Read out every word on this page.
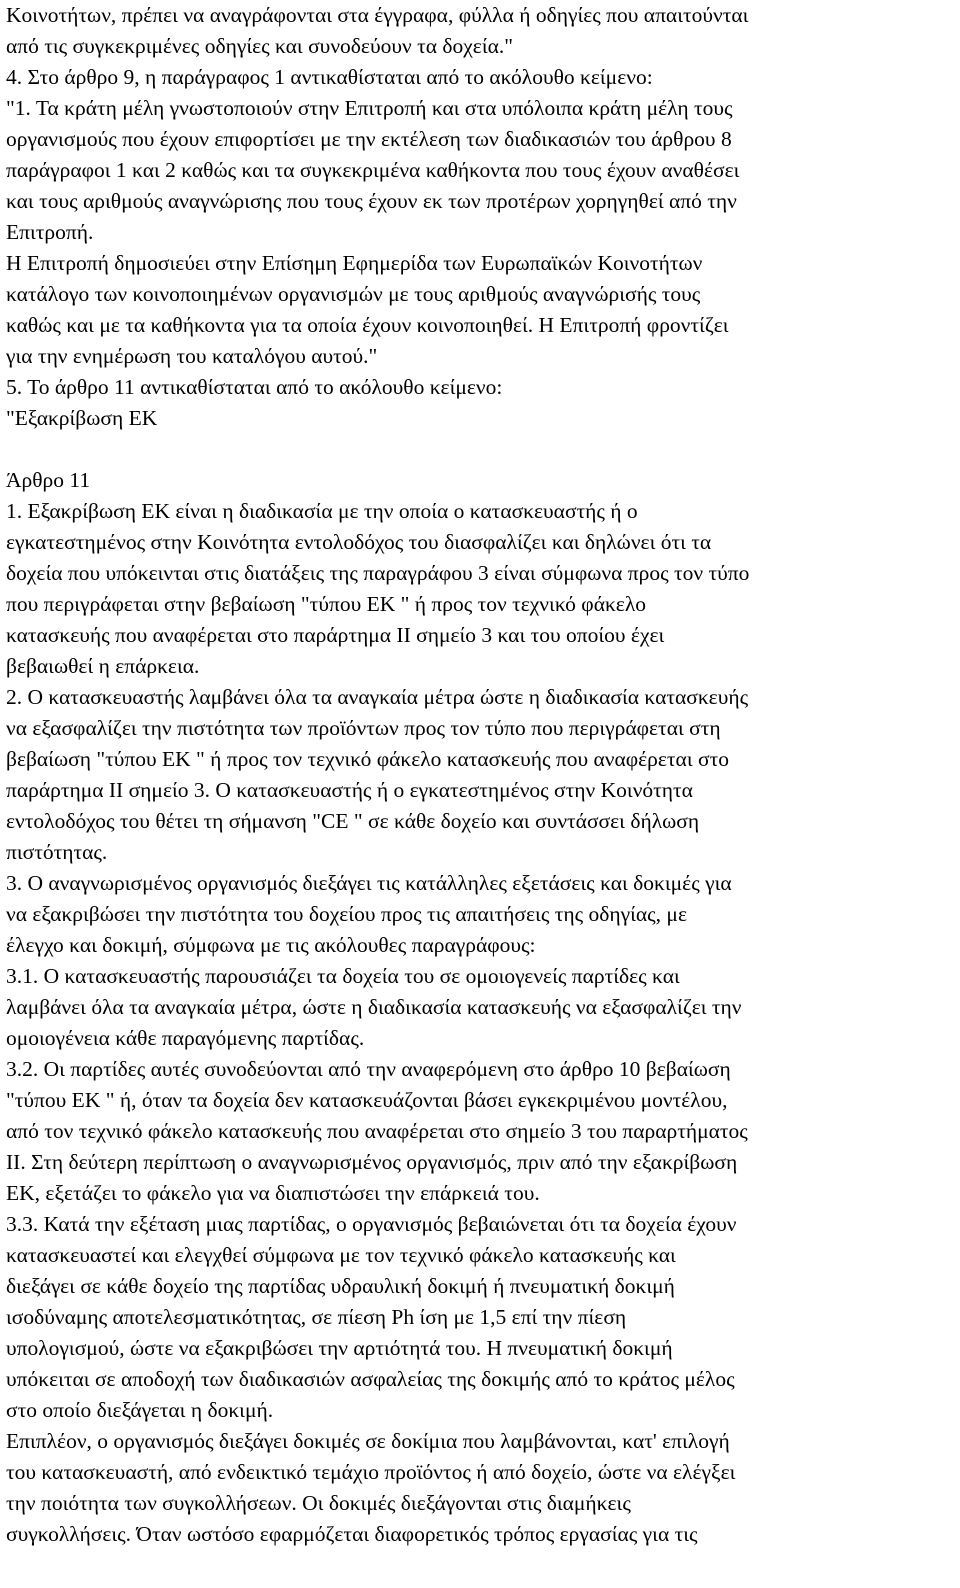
Κοινοτήτων, πρέπει να αναγράφονται στα έγγραφα, φύλλα ή οδηγίες που απαιτούνται

από τις συγκεκριμένες οδηγίες και συνοδεύουν τα δοχεία."

4. Στο άρθρο 9, η παράγραφος 1 αντικαθίσταται από το ακόλουθο κείμενο:

"1. Τα κράτη μέλη γνωστοποιούν στην Επιτροπή και στα υπόλοιπα κράτη μέλη τους

οργανισμούς που έχουν επιφορτίσει με την εκτέλεση των διαδικασιών του άρθρου 8

παράγραφοι 1 και 2 καθώς και τα συγκεκριμένα καθήκοντα που τους έχουν αναθέσει

και τους αριθμούς αναγνώρισης που τους έχουν εκ των προτέρων χορηγηθεί από την

Επιτροπή.

Η Επιτροπή δημοσιεύει στην Επίσημη Εφημερίδα των Ευρωπαϊκών Κοινοτήτων

κατάλογο των κοινοποιημένων οργανισμών με τους αριθμούς αναγνώρισής τους

καθώς και με τα καθήκοντα για τα οποία έχουν κοινοποιηθεί. Η Επιτροπή φροντίζει

για την ενημέρωση του καταλόγου αυτού."

5. Το άρθρο 11 αντικαθίσταται από το ακόλουθο κείμενο:

"Εξακρίβωση ΕΚ

Άρθρο 11

1. Εξακρίβωση ΕΚ είναι η διαδικασία με την οποία ο κατασκευαστής ή ο

εγκατεστημένος στην Κοινότητα εντολοδόχος του διασφαλίζει και δηλώνει ότι τα

δοχεία που υπόκεινται στις διατάξεις της παραγράφου 3 είναι σύμφωνα προς τον τύπο

που περιγράφεται στην βεβαίωση "τύπου ΕΚ " ή προς τον τεχνικό φάκελο

κατασκευής που αναφέρεται στο παράρτημα ΙΙ σημείο 3 και του οποίου έχει

βεβαιωθεί η επάρκεια.

2. Ο κατασκευαστής λαμβάνει όλα τα αναγκαία μέτρα ώστε η διαδικασία κατασκευής

να εξασφαλίζει την πιστότητα των προϊόντων προς τον τύπο που περιγράφεται στη

βεβαίωση "τύπου ΕΚ " ή προς τον τεχνικό φάκελο κατασκευής που αναφέρεται στο

παράρτημα ΙΙ σημείο 3. Ο κατασκευαστής ή ο εγκατεστημένος στην Κοινότητα

εντολοδόχος του θέτει τη σήμανση "CE " σε κάθε δοχείο και συντάσσει δήλωση

πιστότητας.

3. Ο αναγνωρισμένος οργανισμός διεξάγει τις κατάλληλες εξετάσεις και δοκιμές για

να εξακριβώσει την πιστότητα του δοχείου προς τις απαιτήσεις της οδηγίας, με

έλεγχο και δοκιμή, σύμφωνα με τις ακόλουθες παραγράφους:

3.1. Ο κατασκευαστής παρουσιάζει τα δοχεία του σε ομοιογενείς παρτίδες και

λαμβάνει όλα τα αναγκαία μέτρα, ώστε η διαδικασία κατασκευής να εξασφαλίζει την

ομοιογένεια κάθε παραγόμενης παρτίδας.

3.2. Οι παρτίδες αυτές συνοδεύονται από την αναφερόμενη στο άρθρο 10 βεβαίωση

"τύπου ΕΚ " ή, όταν τα δοχεία δεν κατασκευάζονται βάσει εγκεκριμένου μοντέλου,

από τον τεχνικό φάκελο κατασκευής που αναφέρεται στο σημείο 3 του παραρτήματος

ΙΙ. Στη δεύτερη περίπτωση ο αναγνωρισμένος οργανισμός, πριν από την εξακρίβωση

ΕΚ, εξετάζει το φάκελο για να διαπιστώσει την επάρκειά του.

3.3. Κατά την εξέταση μιας παρτίδας, ο οργανισμός βεβαιώνεται ότι τα δοχεία έχουν

κατασκευαστεί και ελεγχθεί σύμφωνα με τον τεχνικό φάκελο κατασκευής και

διεξάγει σε κάθε δοχείο της παρτίδας υδραυλική δοκιμή ή πνευματική δοκιμή

ισοδύναμης αποτελεσματικότητας, σε πίεση Ph ίση με 1,5 επί την πίεση

υπολογισμού, ώστε να εξακριβώσει την αρτιότητά του. Η πνευματική δοκιμή

υπόκειται σε αποδοχή των διαδικασιών ασφαλείας της δοκιμής από το κράτος μέλος

στο οποίο διεξάγεται η δοκιμή.

Επιπλέον, ο οργανισμός διεξάγει δοκιμές σε δοκίμια που λαμβάνονται, κατ' επιλογή

του κατασκευαστή, από ενδεικτικό τεμάχιο προϊόντος ή από δοχείο, ώστε να ελέγξει

την ποιότητα των συγκολλήσεων. Οι δοκιμές διεξάγονται στις διαμήκεις

συγκολλήσεις. Όταν ωστόσο εφαρμόζεται διαφορετικός τρόπος εργασίας για τις
